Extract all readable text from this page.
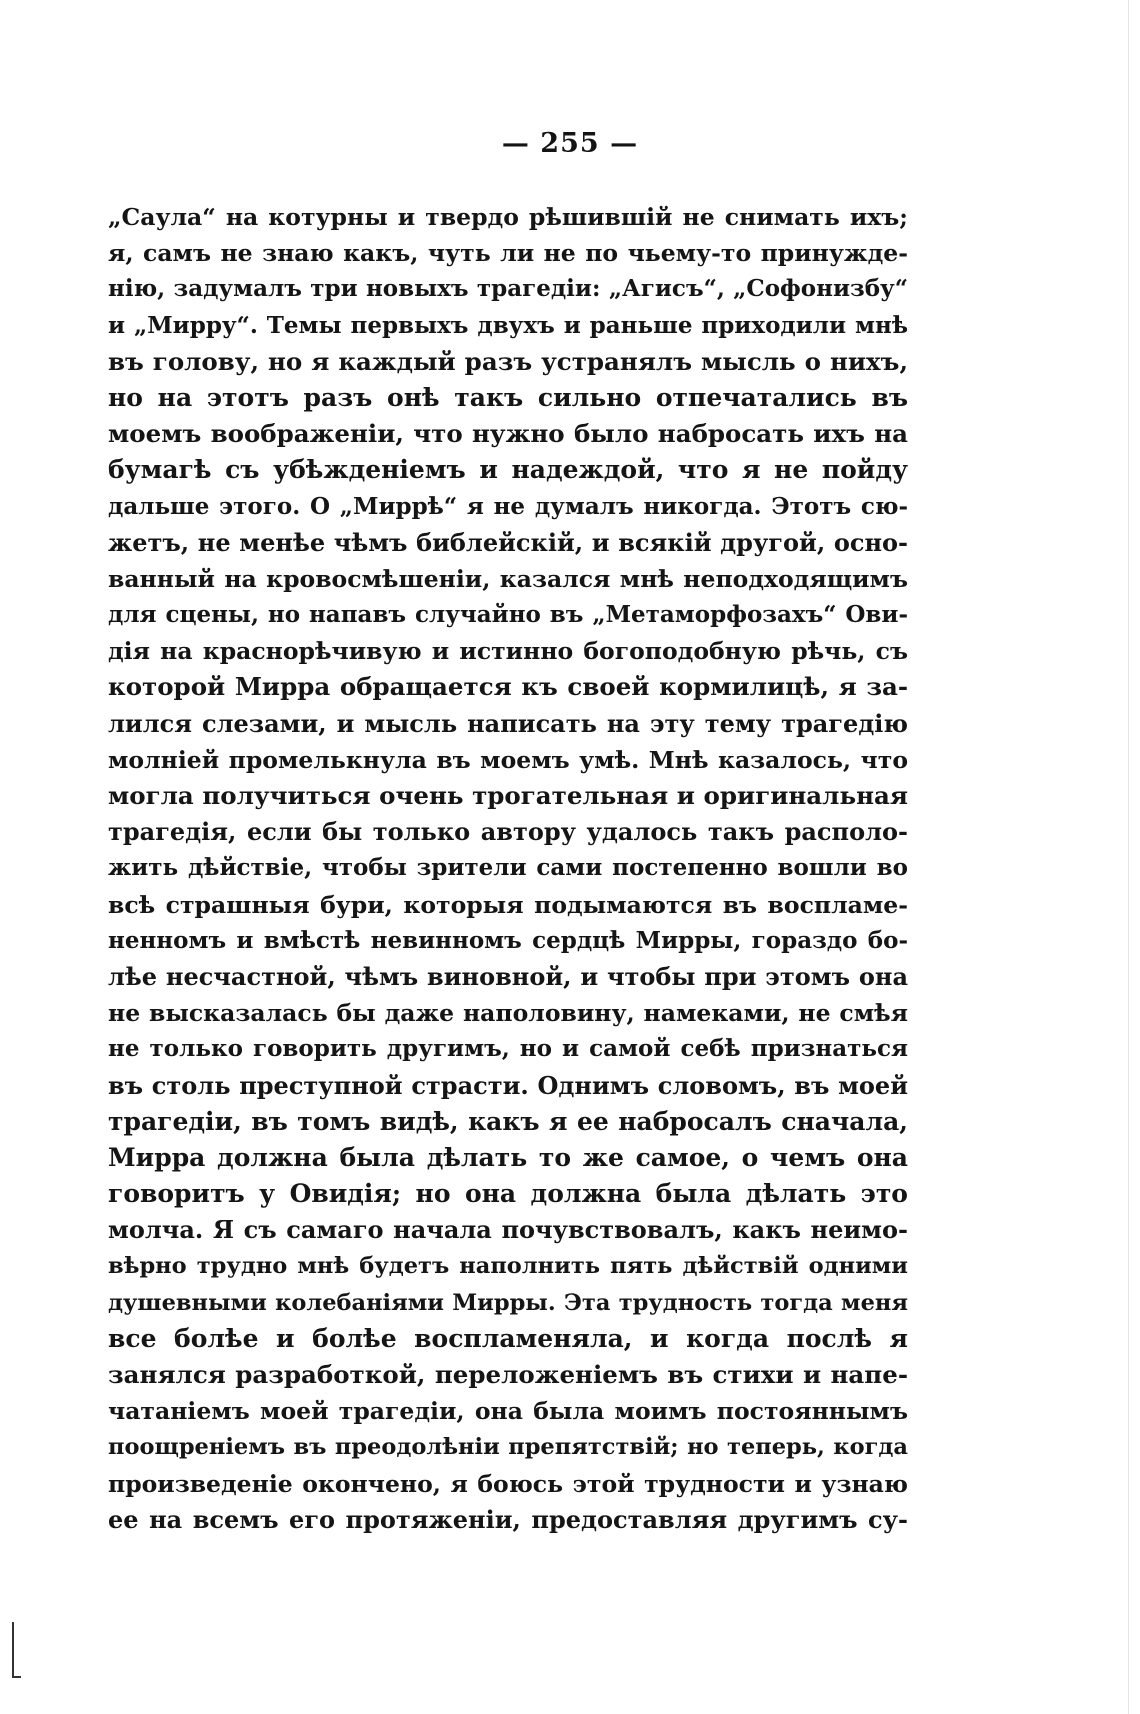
— 255 —
„Саула“ на котурны и твердо рѣшившій не снимать ихъ;
я, самъ не знаю какъ, чуть ли не по чьему-то принужде-
нію, задумалъ три новыхъ трагедіи: „Агисъ“, „Софонизбу“
и „Мирру“. Темы первыхъ двухъ и раньше приходили мнѣ
въ голову, но я каждый разъ устранялъ мысль о нихъ,
но на этотъ разъ онѣ такъ сильно отпечатались въ
моемъ воображеніи, что нужно было набросать ихъ на
бумагѣ съ убѣжденіемъ и надеждой, что я не пойду
дальше этого. О „Миррѣ“ я не думалъ никогда. Этотъ сю-
жетъ, не менѣе чѣмъ библейскій, и всякій другой, осно-
ванный на кровосмѣшеніи, казался мнѣ неподходящимъ
для сцены, но напавъ случайно въ „Метаморфозахъ“ Ови-
дія на краснорѣчивую и истинно богоподобную рѣчь, съ
которой Мирра обращается къ своей кормилицѣ, я за-
лился слезами, и мысль написать на эту тему трагедію
молніей промелькнула въ моемъ умѣ. Мнѣ казалось, что
могла получиться очень трогательная и оригинальная
трагедія, если бы только автору удалось такъ располо-
жить дѣйствіе, чтобы зрители сами постепенно вошли во
всѣ страшныя бури, которыя подымаются въ воспламе-
ненномъ и вмѣстѣ невинномъ сердцѣ Мирры, гораздо бо-
лѣе несчастной, чѣмъ виновной, и чтобы при этомъ она
не высказалась бы даже наполовину, намеками, не смѣя
не только говорить другимъ, но и самой себѣ признаться
въ столь преступной страсти. Однимъ словомъ, въ моей
трагедіи, въ томъ видѣ, какъ я ее набросалъ сначала,
Мирра должна была дѣлать то же самое, о чемъ она
говоритъ у Овидія; но она должна была дѣлать это
молча. Я съ самаго начала почувствовалъ, какъ неимо-
вѣрно трудно мнѣ будетъ наполнить пять дѣйствій одними
душевными колебаніями Мирры. Эта трудность тогда меня
все болѣе и болѣе воспламеняла, и когда послѣ я
занялся разработкой, переложеніемъ въ стихи и напе-
чатаніемъ моей трагедіи, она была моимъ постояннымъ
поощреніемъ въ преодолѣніи препятствій; но теперь, когда
произведеніе окончено, я боюсь этой трудности и узнаю
ее на всемъ его протяженіи, предоставляя другимъ су-
